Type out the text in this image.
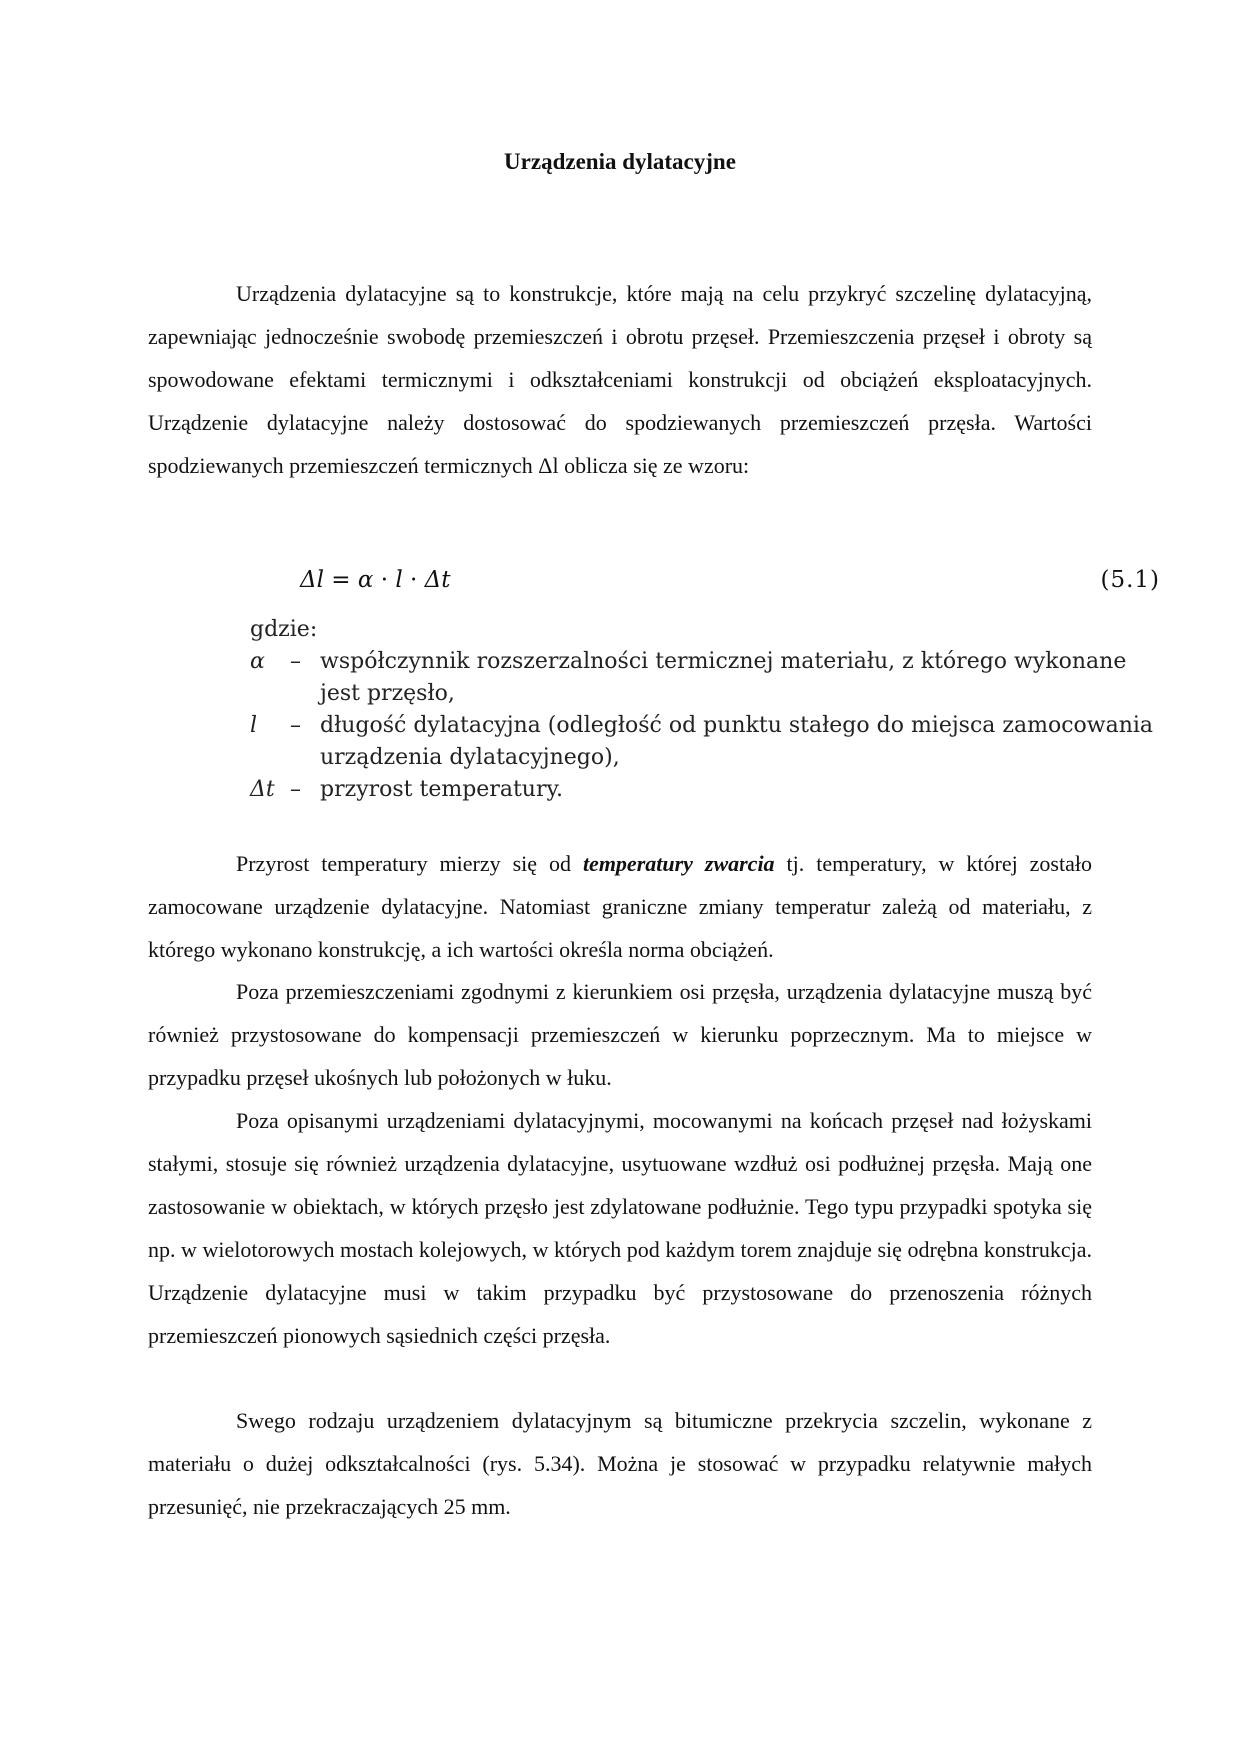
Urządzenia dylatacyjne

Urządzenia dylatacyjne są to konstrukcje, które mają na celu przykryć szczelinę dylatacyjną, zapewniając jednocześnie swobodę przemieszczeń i obrotu przęseł. Przemieszczenia przęseł i obroty są spowodowane efektami termicznymi i odkształceniami konstrukcji od obciążeń eksploatacyjnych. Urządzenie dylatacyjne należy dostosować do spodziewanych przemieszczeń przęsła. Wartości spodziewanych przemieszczeń termicznych Δl oblicza się ze wzoru:

Δl = α · l · Δt	(5.1)

gdzie:

α	– współczynnik rozszerzalności termicznej materiału, z którego wykonane jest przęsło,
l	– długość dylatacyjna (odległość od punktu stałego do miejsca zamocowania urządzenia dylatacyjnego),
Δt – przyrost temperatury.

Przyrost temperatury mierzy się od temperatury zwarcia tj. temperatury, w której zostało zamocowane urządzenie dylatacyjne. Natomiast graniczne zmiany temperatur zależą od materiału, z którego wykonano konstrukcję, a ich wartości określa norma obciążeń.

Poza przemieszczeniami zgodnymi z kierunkiem osi przęsła, urządzenia dylatacyjne muszą być również przystosowane do kompensacji przemieszczeń w kierunku poprzecznym. Ma to miejsce w przypadku przęseł ukośnych lub położonych w łuku.

Poza opisanymi urządzeniami dylatacyjnymi, mocowanymi na końcach przęseł nad łożyskami stałymi, stosuje się również urządzenia dylatacyjne, usytuowane wzdłuż osi podłużnej przęsła. Mają one zastosowanie w obiektach, w których przęsło jest zdylatowane podłużnie. Tego typu przypadki spotyka się np. w wielotorowych mostach kolejowych, w których pod każdym torem znajduje się odrębna konstrukcja. Urządzenie dylatacyjne musi w takim przypadku być przystosowane do przenoszenia różnych przemieszczeń pionowych sąsiednich części przęsła.

Swego rodzaju urządzeniem dylatacyjnym są bitumiczne przekrycia szczelin, wykonane z materiału o dużej odkształcalności (rys. 5.34). Można je stosować w przypadku relatywnie małych przesunięć, nie przekraczających 25 mm.
